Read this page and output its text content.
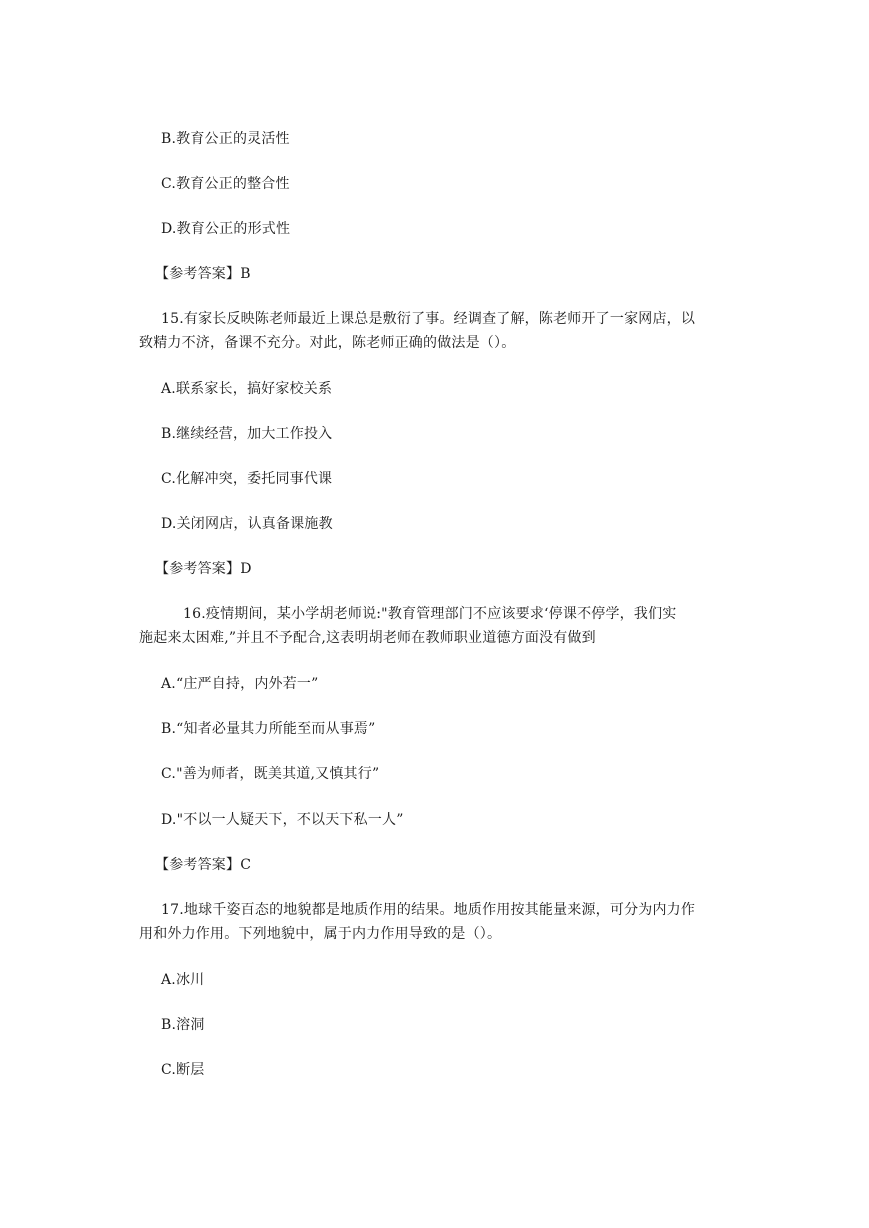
B.教育公正的灵活性
C.教育公正的整合性
D.教育公正的形式性
【参考答案】B
15.有家长反映陈老师最近上课总是敷衍了事。经调查了解，陈老师开了一家网店，以
致精力不济，备课不充分。对此，陈老师正确的做法是（）。
A.联系家长，搞好家校关系
B.继续经营，加大工作投入
C.化解冲突，委托同事代课
D.关闭网店，认真备课施教
【参考答案】D
16.疫情期间，某小学胡老师说:"教育管理部门不应该要求‘停课不停学，我们实
施起来太困难,”并且不予配合,这表明胡老师在教师职业道德方面没有做到
A.“庄严自持，内外若一”
B.“知者必量其力所能至而从事焉”
C."善为师者，既美其道,又慎其行”
D."不以一人疑天下，不以天下私一人”
【参考答案】C
17.地球千姿百态的地貌都是地质作用的结果。地质作用按其能量来源，可分为内力作
用和外力作用。下列地貌中，属于内力作用导致的是（）。
A.冰川
B.溶洞
C.断层
